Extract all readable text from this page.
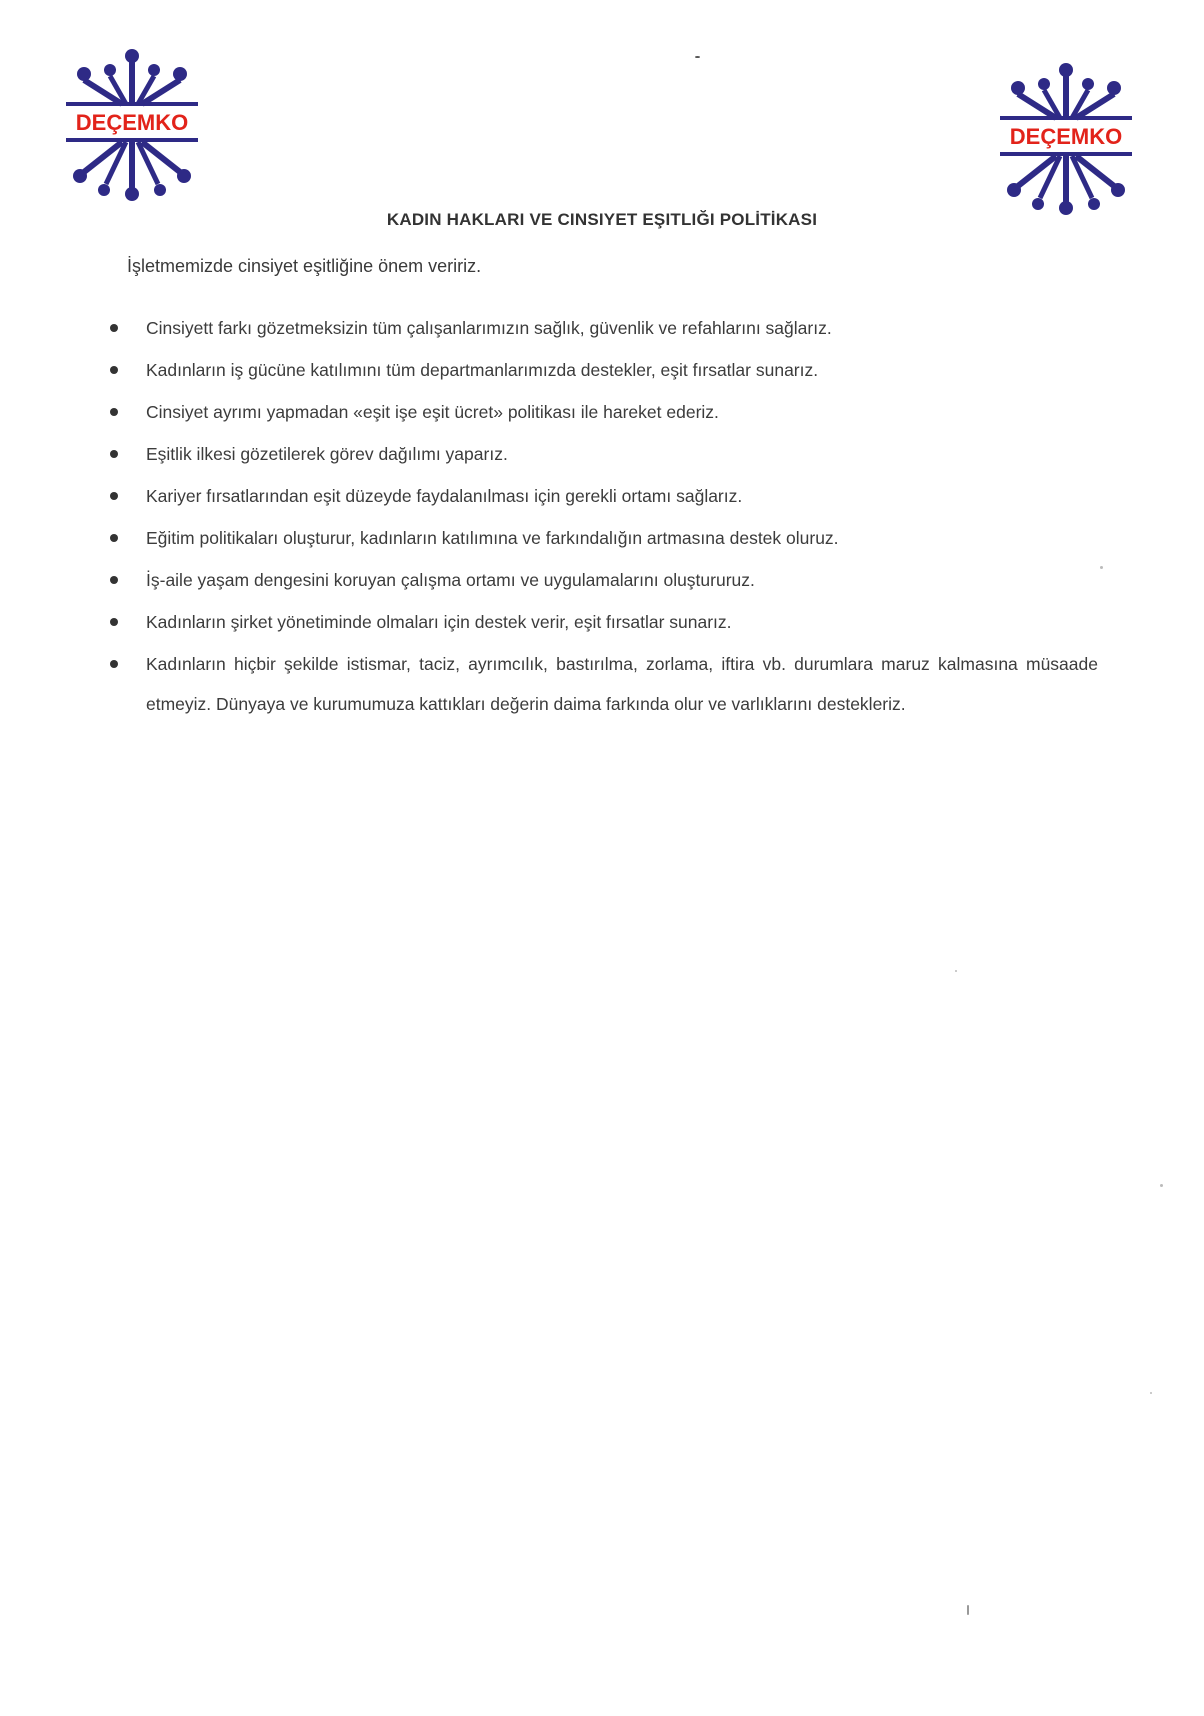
DEÇEMKO
DEÇEMKO
KADIN HAKLARI VE CINSIYET EŞITLIĞI POLİTİKASI
İşletmemizde cinsiyet eşitliğine önem veririz.
Cinsiyett farkı gözetmeksizin tüm çalışanlarımızın sağlık, güvenlik ve refahlarını sağlarız.
Kadınların iş gücüne katılımını tüm departmanlarımızda destekler, eşit fırsatlar sunarız.
Cinsiyet ayrımı yapmadan «eşit işe eşit ücret» politikası ile hareket ederiz.
Eşitlik ilkesi gözetilerek görev dağılımı yaparız.
Kariyer fırsatlarından eşit düzeyde faydalanılması için gerekli ortamı sağlarız.
Eğitim politikaları oluşturur, kadınların katılımına ve farkındalığın artmasına destek oluruz.
İş-aile yaşam dengesini koruyan çalışma ortamı ve uygulamalarını oluştururuz.
Kadınların şirket yönetiminde olmaları için destek verir, eşit fırsatlar sunarız.
Kadınların hiçbir şekilde istismar, taciz, ayrımcılık, bastırılma, zorlama, iftira vb. durumlara maruz kalmasına müsaade etmeyiz. Dünyaya ve kurumumuza kattıkları değerin daima farkında olur ve varlıklarını destekleriz.
